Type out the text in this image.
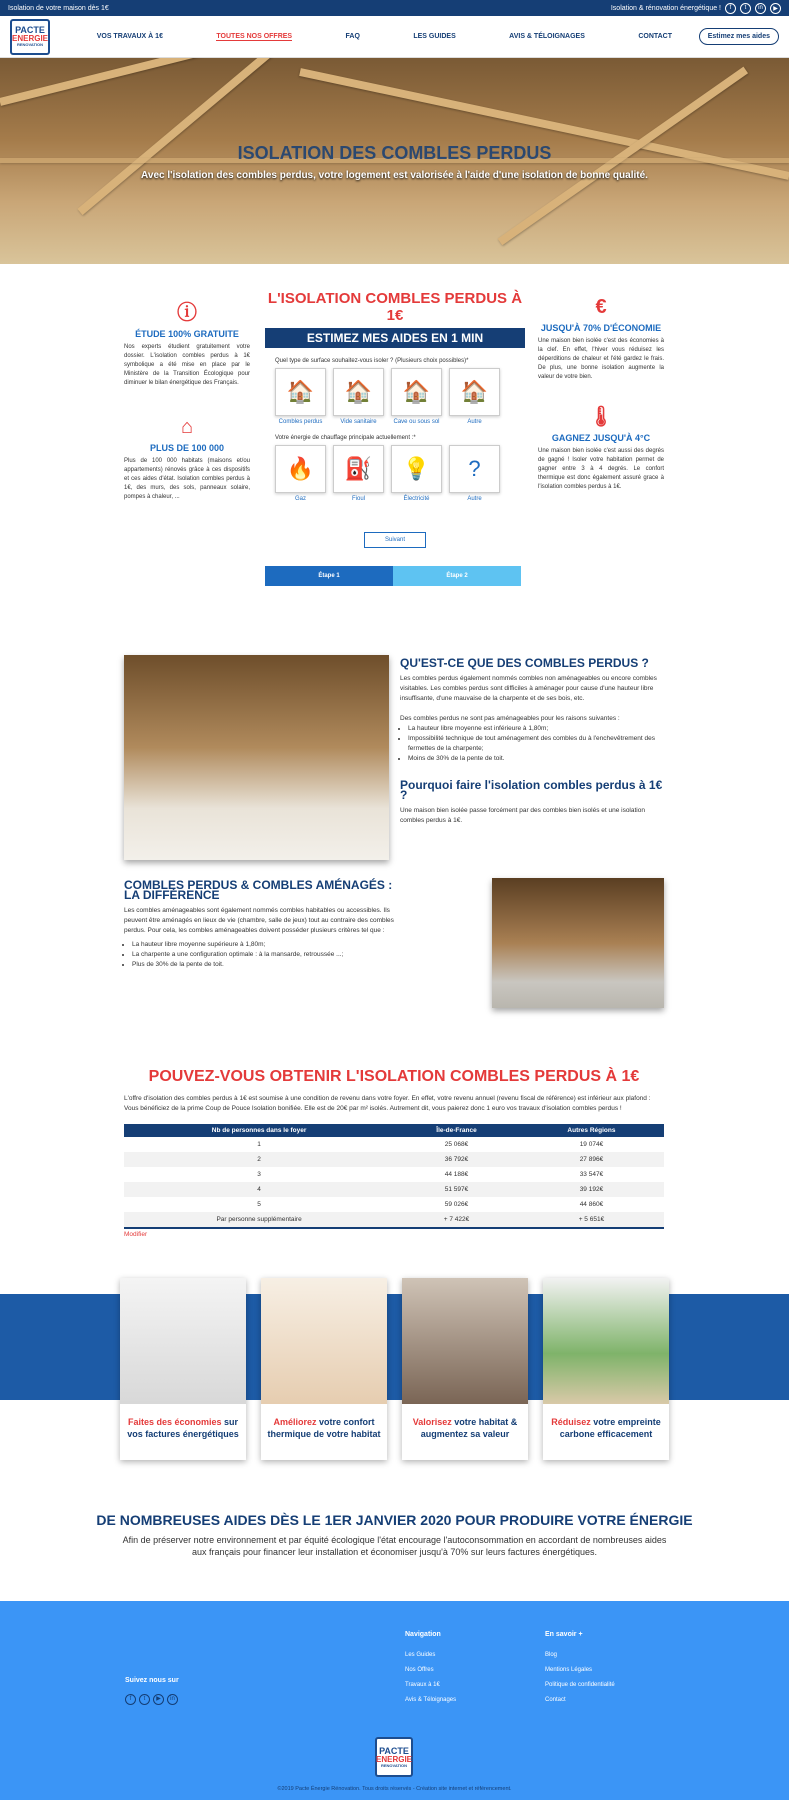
Isolation de votre maison dès 1€	Isolation & rénovation énergétique !	f	t	in	▶
PACTE
ENERGIE
RENOVATION
VOS TRAVAUX À 1€	TOUTES NOS OFFRES	FAQ	LES GUIDES	AVIS & TÉLOIGNAGES	CONTACT	Estimez mes aides
ISOLATION DES COMBLES PERDUS

Avec l'isolation des combles perdus, votre logement est valorisée à l'aide d'une isolation de bonne qualité.

ⓘ
ÉTUDE 100% GRATUITE

Nos experts étudient gratuitement votre dossier. L'isolation combles perdus à 1€ symbolique a été mise en place par le Ministère de la Transition Écologique pour diminuer le bilan énergétique des Français.

⌂
PLUS DE 100 000

Plus de 100 000 habitats (maisons et/ou appartements) rénovés grâce à ces dispositifs et ces aides d'état. Isolation combles perdus à 1€, des murs, des sols, panneaux solaire, pompes à chaleur, ...

€
JUSQU'À 70% D'ÉCONOMIE

Une maison bien isolée c'est des économies à la clef. En effet, l'hiver vous réduisez les déperditions de chaleur et l'été gardez le frais. De plus, une bonne isolation augmente la valeur de votre bien.

🌡
GAGNEZ JUSQU'À 4°C

Une maison bien isolée c'est aussi des degrés de gagné ! Isoler votre habitation permet de gagner entre 3 à 4 degrés. Le confort thermique est donc également assuré grace à l'isolation combles perdus à 1€.

L'ISOLATION COMBLES PERDUS À 1€
ESTIMEZ MES AIDES EN 1 MIN
Quel type de surface souhaitez-vous isoler ? (Plusieurs choix possibles)*
🏠
Combles perdus
🏠
Vide sanitaire
🏠
Cave ou sous sol
🏠
Autre
Votre énergie de chauffage principale actuellement :*
🔥
Gaz
⛽
Fioul
💡
Électricité
?
Autre
Suivant
Étape 1	Étape 2
QU'EST-CE QUE DES COMBLES PERDUS ?

Les combles perdus également nommés combles non aménageables ou encore combles visitables. Les combles perdus sont difficiles à aménager pour cause d'une hauteur libre insuffisante, d'une mauvaise de la charpente et de ses bois, etc.

Des combles perdus ne sont pas aménageables pour les raisons suivantes :

• La hauteur libre moyenne est inférieure à 1,80m;
• Impossibilité technique de tout aménagement des combles du à l'enchevêtrement des fermettes de la charpente;
• Moins de 30% de la pente de toit.
Pourquoi faire l'isolation combles perdus à 1€ ?

Une maison bien isolée passe forcément par des combles bien isolés et une isolation combles perdus à 1€.

COMBLES PERDUS & COMBLES AMÉNAGÉS : LA DIFFÉRENCE

Les combles aménageables sont également nommés combles habitables ou accessibles. Ils peuvent être aménagés en lieux de vie (chambre, salle de jeux) tout au contraire des combles perdus. Pour cela, les combles aménageables doivent posséder plusieurs critères tel que :

• La hauteur libre moyenne supérieure à 1,80m;
• La charpente a une configuration optimale : à la mansarde, retroussée ...;
• Plus de 30% de la pente de toit.
POUVEZ-VOUS OBTENIR L'ISOLATION COMBLES PERDUS À 1€

L'offre d'isolation des combles perdus à 1€ est soumise à une condition de revenu dans votre foyer. En effet, votre revenu annuel (revenu fiscal de référence) est inférieur aux plafond : Vous bénéficiez de la prime Coup de Pouce Isolation bonifiée. Elle est de 20€ par m² isolés. Autrement dit, vous paierez donc 1 euro vos travaux d'isolation combles perdus !

Nb de personnes dans le foyer	Île-de-France	Autres Régions
1	25 068€	19 074€
2	36 792€	27 896€
3	44 188€	33 547€
4	51 597€	39 192€
5	59 026€	44 860€
Par personne supplémentaire	+ 7 422€	+ 5 651€
Modifier

Faites des économies sur vos factures énergétiques

Améliorez votre confort thermique de votre habitat

Valorisez votre habitat & augmentez sa valeur

Réduisez votre empreinte carbone efficacement

DE NOMBREUSES AIDES DÈS LE 1ER JANVIER 2020 POUR PRODUIRE VOTRE ÉNERGIE

Afin de préserver notre environnement et par équité écologique l'état encourage l'autoconsommation en accordant de nombreuses aides

aux français pour financer leur installation et économiser jusqu'à 70% sur leurs factures énergétiques.

Suivez nous sur
f	t	▶	in
Navigation
Les Guides
Nos Offres
Travaux à 1€
Avis & Téloignages
En savoir +
Blog
Mentions Légales
Politique de confidentialité
Contact
PACTE
ENERGIE
RENOVATION
©2019 Pacte Énergie Rénovation. Tous droits réservés - Création site internet et référencement.
